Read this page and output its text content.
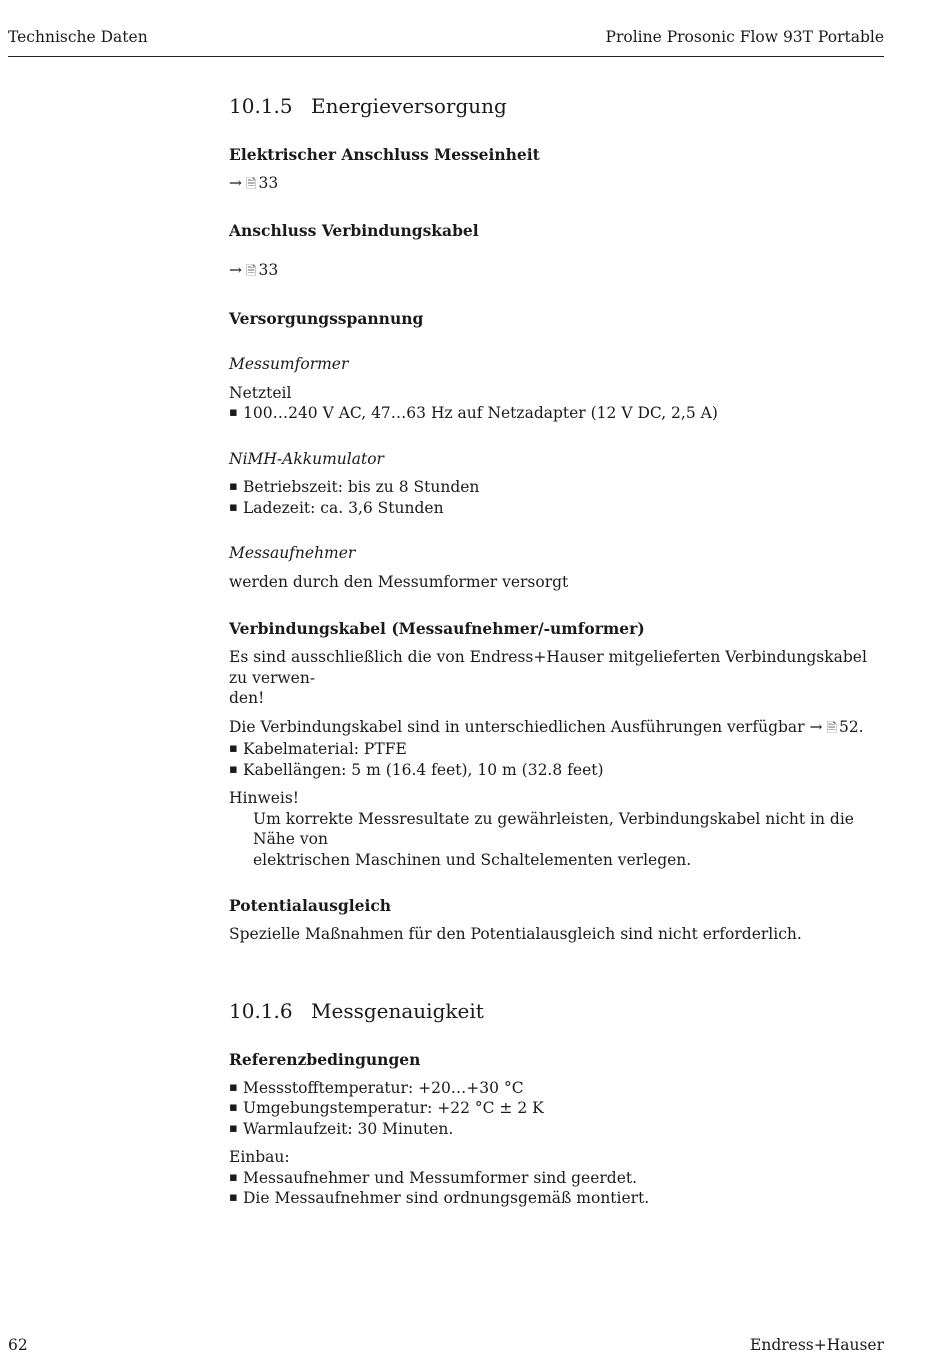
Technische Daten	Proline Prosonic Flow 93T Portable
10.1.5 Energieversorgung
Elektrischer Anschluss Messeinheit

→ 🗎 33

Anschluss Verbindungskabel

→ 🗎 33

Versorgungsspannung

Messumformer

Netzteil

▪ 100…240 V AC, 47…63 Hz auf Netzadapter (12 V DC, 2,5 A)

NiMH-Akkumulator

▪ Betriebszeit: bis zu 8 Stunden
▪ Ladezeit: ca. 3,6 Stunden

Messaufnehmer

werden durch den Messumformer versorgt

Verbindungskabel (Messaufnehmer/-umformer)

Es sind ausschließlich die von Endress+Hauser mitgelieferten Verbindungskabel zu verwen-
den!

Die Verbindungskabel sind in unterschiedlichen Ausführungen verfügbar → 🗎 52.

▪ Kabelmaterial: PTFE
▪ Kabellängen: 5 m (16.4 feet), 10 m (32.8 feet)

Hinweis!

Um korrekte Messresultate zu gewährleisten, Verbindungskabel nicht in die Nähe von
elektrischen Maschinen und Schaltelementen verlegen.

Potentialausgleich

Spezielle Maßnahmen für den Potentialausgleich sind nicht erforderlich.

10.1.6 Messgenauigkeit
Referenzbedingungen
▪ Messstofftemperatur: +20…+30 °C
▪ Umgebungstemperatur: +22 °C ± 2 K
▪ Warmlaufzeit: 30 Minuten.

Einbau:

▪ Messaufnehmer und Messumformer sind geerdet.
▪ Die Messaufnehmer sind ordnungsgemäß montiert.
62	Endress+Hauser
